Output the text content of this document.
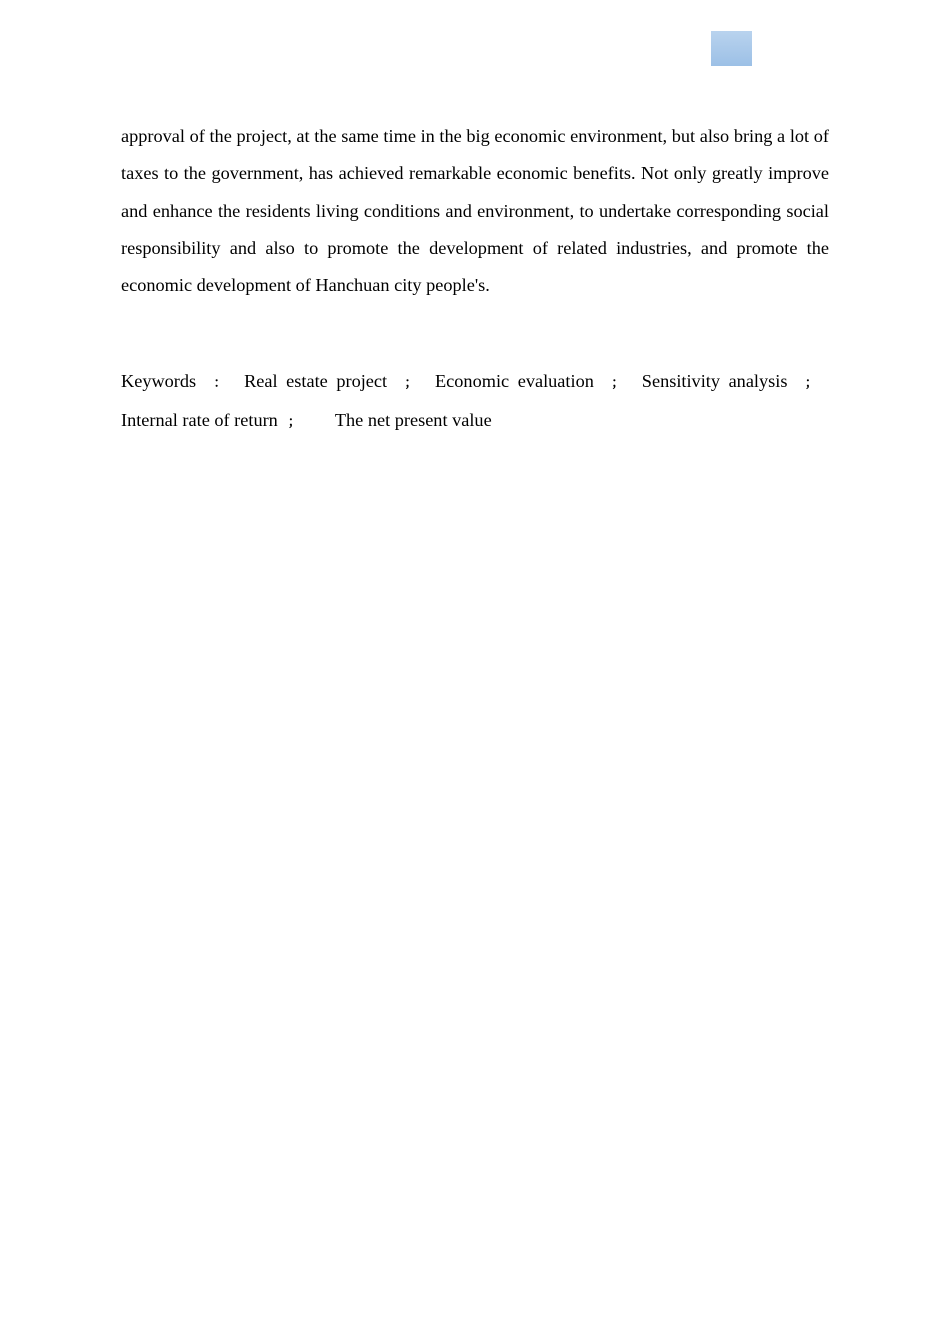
approval of the project, at the same time in the big economic environment, but also bring a lot of taxes to the government, has achieved remarkable economic benefits. Not only greatly improve and enhance the residents living conditions and environment, to undertake corresponding social responsibility and also to promote the development of related industries, and promote the economic development of Hanchuan city people's.

Keywords ： Real estate project ； Economic evaluation ； Sensitivity analysis ；
Internal rate of return ； The net present value
